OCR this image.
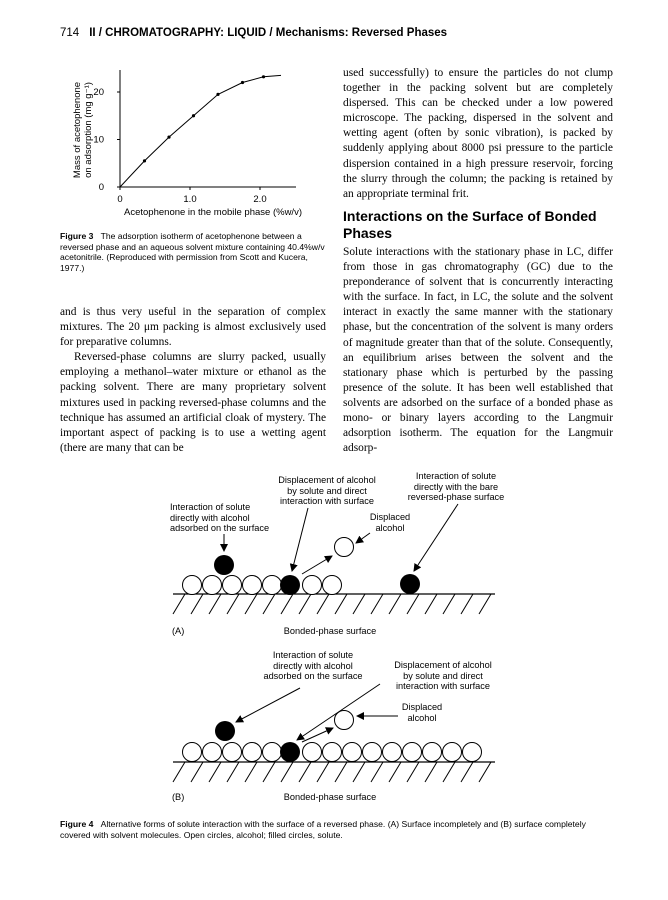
714 II / CHROMATOGRAPHY: LIQUID / Mechanisms: Reversed Phases
Mass of acetophenone on adsorption (mg g⁻¹)
Acetophenone in the mobile phase (%w/v)
0	1.0	2.0
0
10
20
Figure 3 The adsorption isotherm of acetophenone between a reversed phase and an aqueous solvent mixture containing 40.4%w/v acetonitrile. (Reproduced with permission from Scott and Kucera, 1977.)

and is thus very useful in the separation of complex mixtures. The 20 μm packing is almost exclusively used for preparative columns.

Reversed-phase columns are slurry packed, usually employing a methanol–water mixture or ethanol as the packing solvent. There are many proprietary solvent mixtures used in packing reversed-phase columns and the technique has assumed an artificial cloak of mystery. The important aspect of packing is to use a wetting agent (there are many that can be

used successfully) to ensure the particles do not clump together in the packing solvent but are completely dispersed. This can be checked under a low powered microscope. The packing, dispersed in the solvent and wetting agent (often by sonic vibration), is packed by suddenly applying about 8000 psi pressure to the particle dispersion contained in a high pressure reservoir, forcing the slurry through the column; the packing is retained by an appropriate terminal frit.

Interactions on the Surface of Bonded Phases

Solute interactions with the stationary phase in LC, differ from those in gas chromatography (GC) due to the preponderance of solvent that is concurrently interacting with the surface. In fact, in LC, the solute and the solvent interact in exactly the same manner with the stationary phase, but the concentration of the solvent is many orders of magnitude greater than that of the solute. Consequently, an equilibrium arises between the solvent and the stationary phase which is perturbed by the passing presence of the solute. It has been well established that solvents are adsorbed on the surface of a bonded phase as mono- or binary layers according to the Langmuir adsorption isotherm. The equation for the Langmuir adsorp-

(A)	Bonded-phase surface
(B)	Bonded-phase surface
Displacement of alcohol
by solute and direct
interaction with surface
Interaction of solute
directly with the bare
reversed-phase surface
Interaction of solute
directly with alcohol
adsorbed on the surface
Displaced
alcohol
Interaction of solute
directly with alcohol
adsorbed on the surface
Displacement of alcohol
by solute and direct
interaction with surface
Displaced
alcohol
Figure 4 Alternative forms of solute interaction with the surface of a reversed phase. (A) Surface incompletely and (B) surface completely covered with solvent molecules. Open circles, alcohol; filled circles, solute.
